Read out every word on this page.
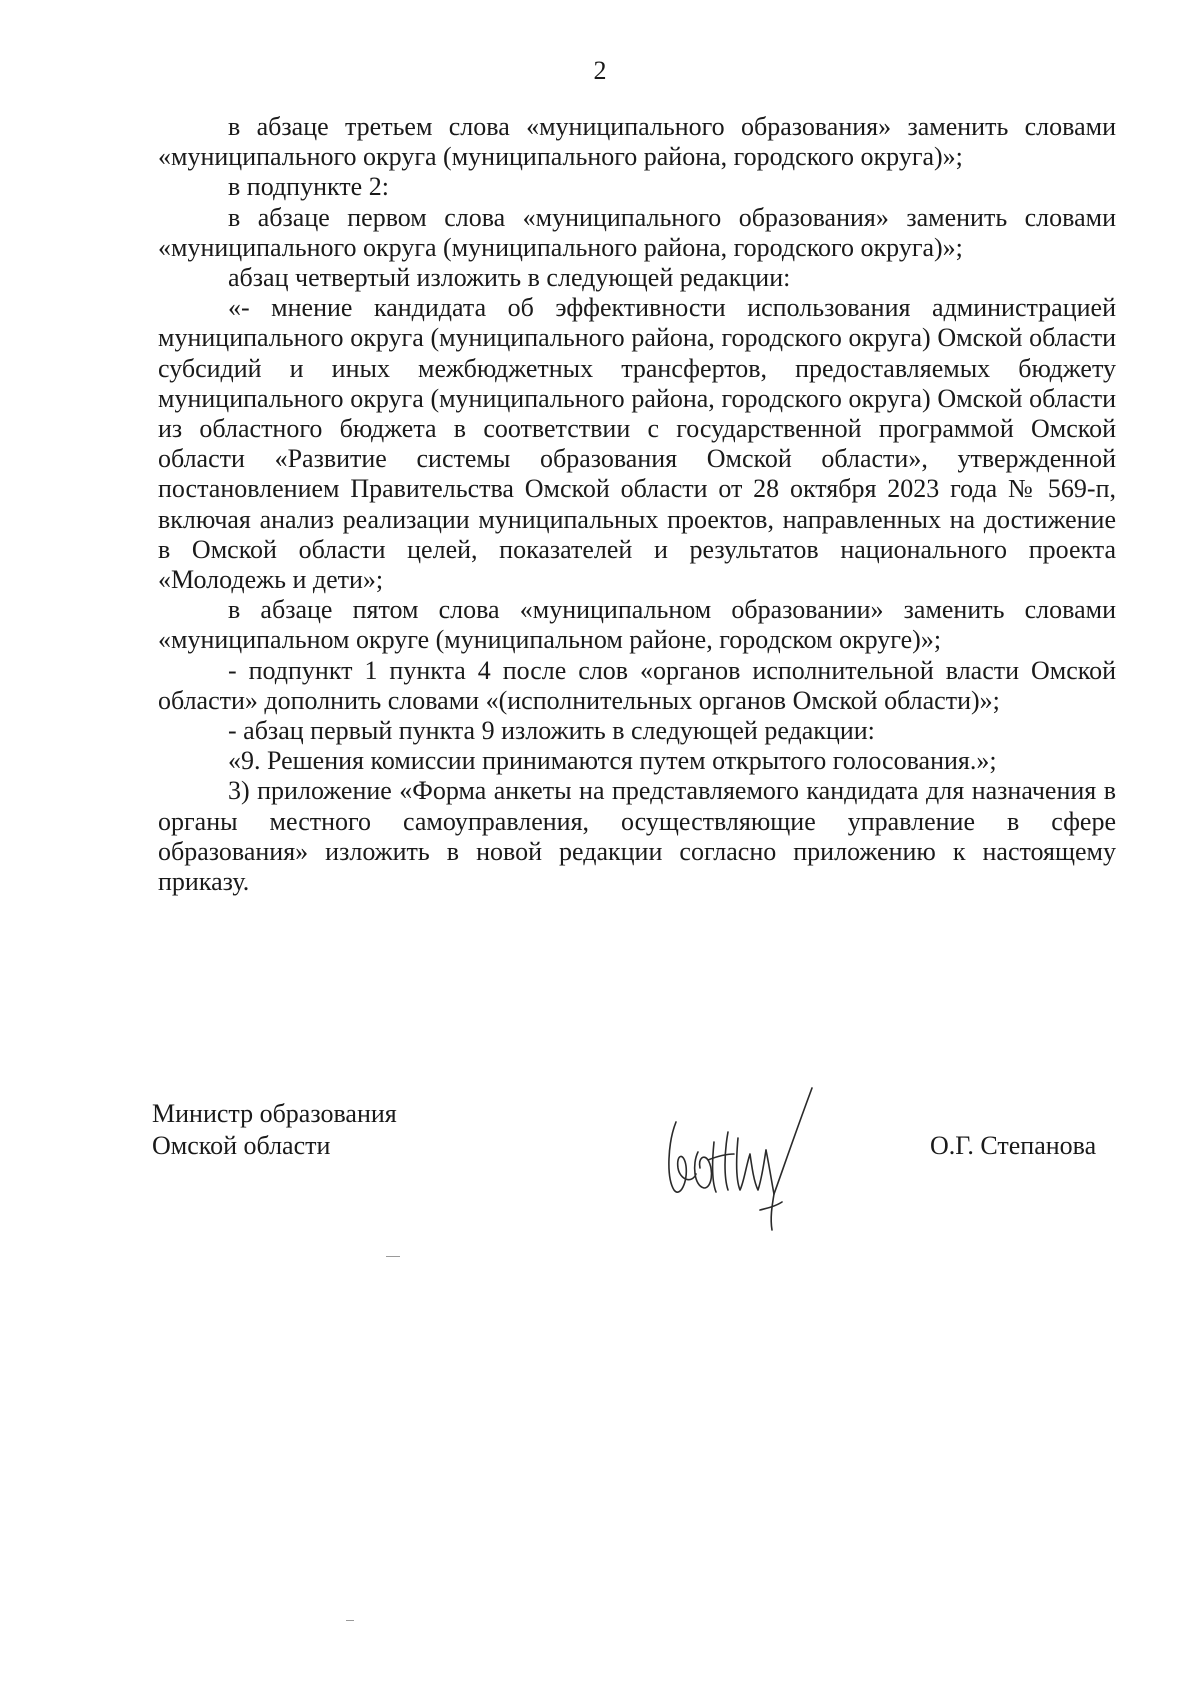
2

в абзаце третьем слова «муниципального образования» заменить словами «муниципального округа (муниципального района, городского округа)»;

в подпункте 2:

в абзаце первом слова «муниципального образования» заменить словами «муниципального округа (муниципального района, городского округа)»;

абзац четвертый изложить в следующей редакции:

«- мнение кандидата об эффективности использования администрацией муниципального округа (муниципального района, городского округа) Омской области субсидий и иных межбюджетных трансфертов, предоставляемых бюджету муниципального округа (муниципального района, городского округа) Омской области из областного бюджета в соответствии с государственной программой Омской области «Развитие системы образования Омской области», утвержденной постановлением Правительства Омской области от 28 октября 2023 года № 569-п, включая анализ реализации муниципальных проектов, направленных на достижение в Омской области целей, показателей и результатов национального проекта «Молодежь и дети»;

в абзаце пятом слова «муниципальном образовании» заменить словами «муниципальном округе (муниципальном районе, городском округе)»;

- подпункт 1 пункта 4 после слов «органов исполнительной власти Омской области» дополнить словами «(исполнительных органов Омской области)»;

- абзац первый пункта 9 изложить в следующей редакции:

«9. Решения комиссии принимаются путем открытого голосования.»;

3) приложение «Форма анкеты на представляемого кандидата для назначения в органы местного самоуправления, осуществляющие управление в сфере образования» изложить в новой редакции согласно приложению к настоящему приказу.

Министр образования
Омской области	О.Г. Степанова
